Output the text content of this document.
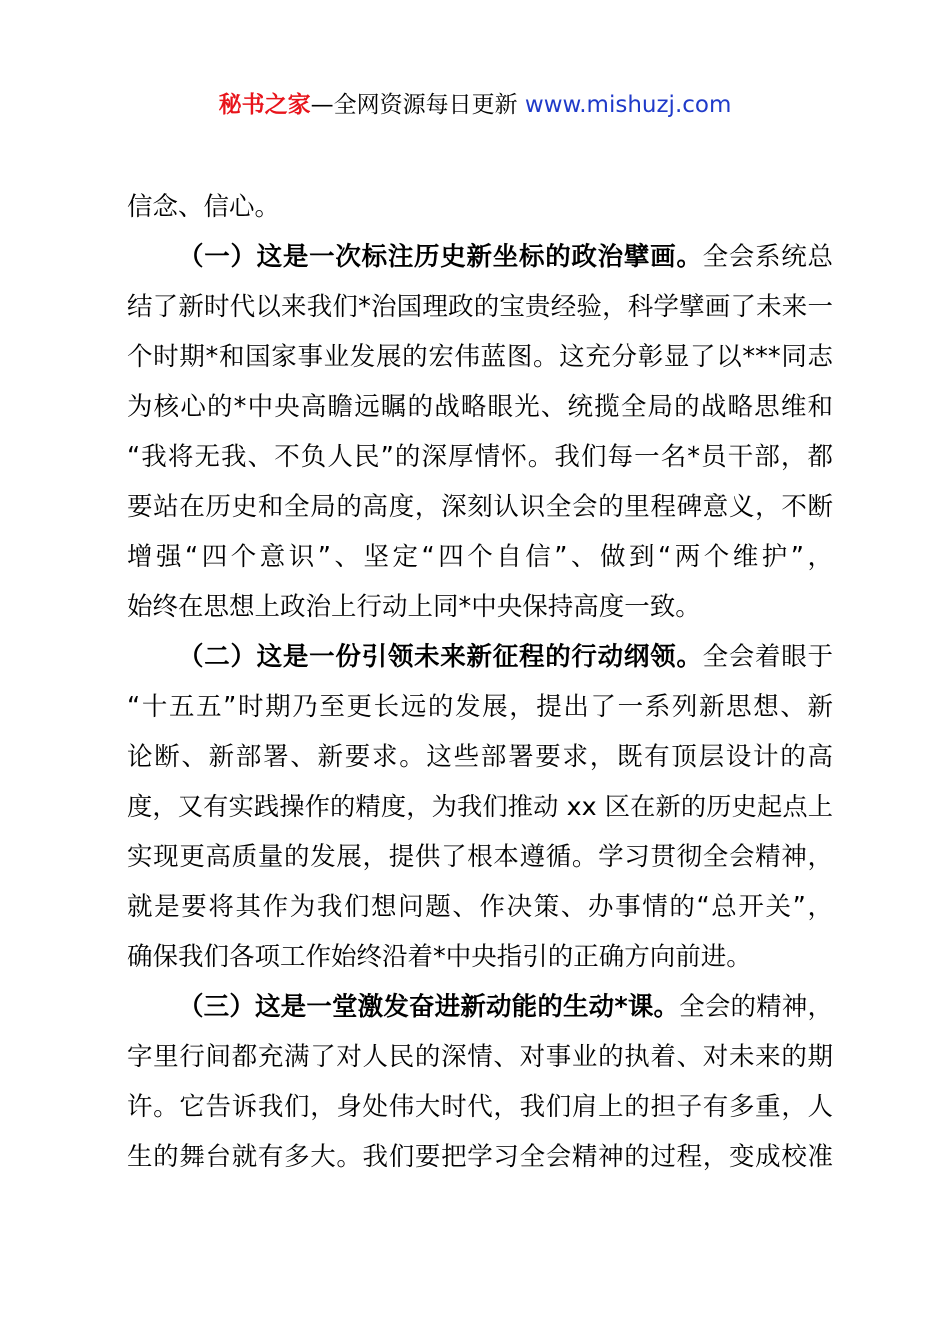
秘书之家—全网资源每日更新 www.mishuzj.com
信念、信心。
（一）这是一次标注历史新坐标的政治擘画。全会系统总
结了新时代以来我们*治国理政的宝贵经验，科学擘画了未来一
个时期*和国家事业发展的宏伟蓝图。这充分彰显了以***同志
为核心的*中央高瞻远瞩的战略眼光、统揽全局的战略思维和
“我将无我、不负人民”的深厚情怀。我们每一名*员干部，都
要站在历史和全局的高度，深刻认识全会的里程碑意义，不断
增强“四个意识”、坚定“四个自信”、做到“两个维护”，
始终在思想上政治上行动上同*中央保持高度一致。
（二）这是一份引领未来新征程的行动纲领。全会着眼于
“十五五”时期乃至更长远的发展，提出了一系列新思想、新
论断、新部署、新要求。这些部署要求，既有顶层设计的高
度，又有实践操作的精度，为我们推动 xx 区在新的历史起点上
实现更高质量的发展，提供了根本遵循。学习贯彻全会精神，
就是要将其作为我们想问题、作决策、办事情的“总开关”，
确保我们各项工作始终沿着*中央指引的正确方向前进。
（三）这是一堂激发奋进新动能的生动*课。全会的精神，
字里行间都充满了对人民的深情、对事业的执着、对未来的期
许。它告诉我们，身处伟大时代，我们肩上的担子有多重，人
生的舞台就有多大。我们要把学习全会精神的过程，变成校准
